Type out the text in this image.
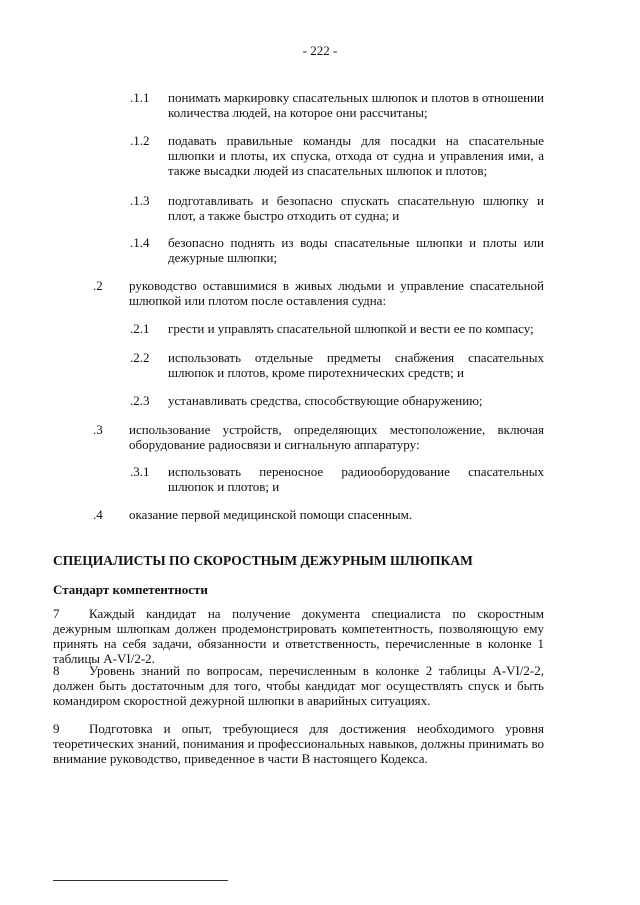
- 222 -
.1.1 понимать маркировку спасательных шлюпок и плотов в отношении количества людей, на которое они рассчитаны;
.1.2 подавать правильные команды для посадки на спасательные шлюпки и плоты, их спуска, отхода от судна и управления ими, а также высадки людей из спасательных шлюпок и плотов;
.1.3 подготавливать и безопасно спускать спасательную шлюпку и плот, а также быстро отходить от судна; и
.1.4 безопасно поднять из воды спасательные шлюпки и плоты или дежурные шлюпки;
.2 руководство оставшимися в живых людьми и управление спасательной шлюпкой или плотом после оставления судна:
.2.1 грести и управлять спасательной шлюпкой и вести ее по компасу;
.2.2 использовать отдельные предметы снабжения спасательных шлюпок и плотов, кроме пиротехнических средств; и
.2.3 устанавливать средства, способствующие обнаружению;
.3 использование устройств, определяющих местоположение, включая оборудование радиосвязи и сигнальную аппаратуру:
.3.1 использовать переносное радиооборудование спасательных шлюпок и плотов; и
.4 оказание первой медицинской помощи спасенным.
СПЕЦИАЛИСТЫ ПО СКОРОСТНЫМ ДЕЖУРНЫМ ШЛЮПКАМ
Стандарт компетентности
7	Каждый кандидат на получение документа специалиста по скоростным дежурным шлюпкам должен продемонстрировать компетентность, позволяющую ему принять на себя задачи, обязанности и ответственность, перечисленные в колонке 1 таблицы A-VI/2-2.
8	Уровень знаний по вопросам, перечисленным в колонке 2 таблицы A-VI/2-2, должен быть достаточным для того, чтобы кандидат мог осуществлять спуск и быть командиром скоростной дежурной шлюпки в аварийных ситуациях.
9	Подготовка и опыт, требующиеся для достижения необходимого уровня теоретических знаний, понимания и профессиональных навыков, должны принимать во внимание руководство, приведенное в части B настоящего Кодекса.
